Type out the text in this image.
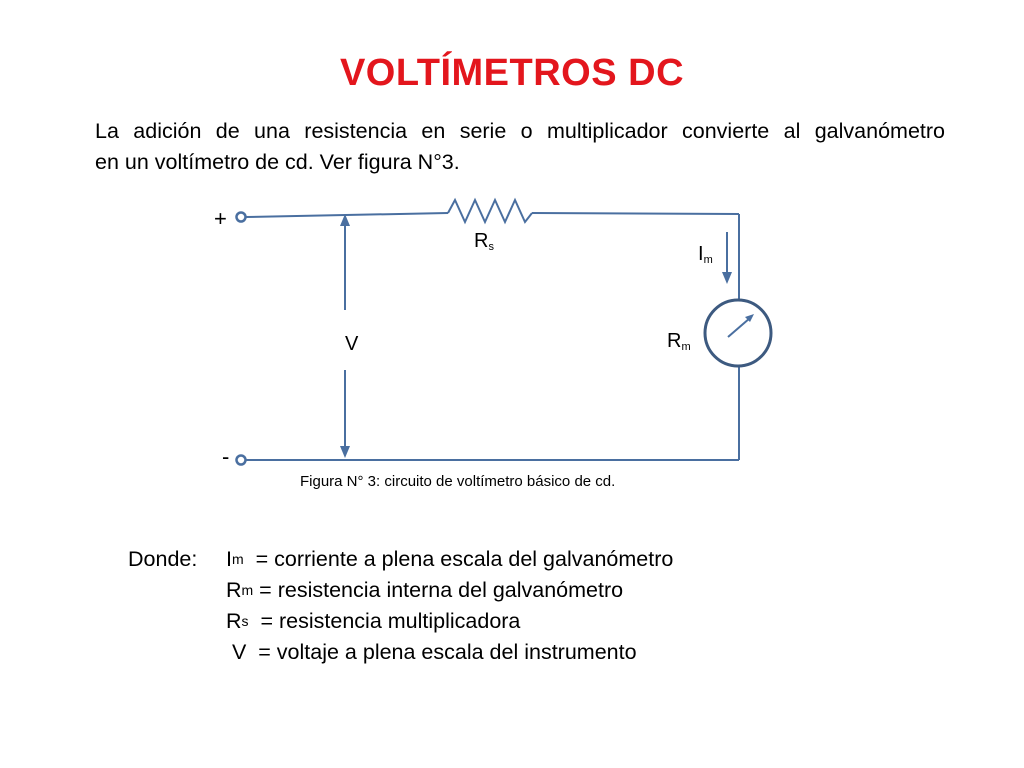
VOLTÍMETROS DC
La adición de una resistencia en serie o multiplicador convierte al galvanómetro
en un voltímetro de cd. Ver figura N°3.
+
-
$R_s$	$I_m$
$R_m$
V
Figura N° 3: circuito de voltímetro básico de cd.
Donde:	I m = corriente a plena escala del galvanómetro
R m = resistencia interna del galvanómetro
R s = resistencia multiplicadora
V = voltaje a plena escala del instrumento
